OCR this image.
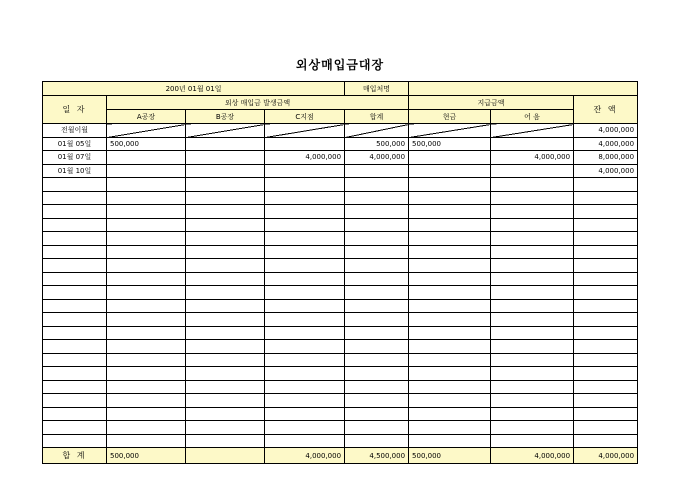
외상매입금대장
200년 01월 01일				매입처명			
일 자	외상 매입금 발생금액				지급금액		잔 액
	A공장	B공장	C지점	합계	현금	어 음	
전월이월							4,000,000
01월 05일	500,000			500,000	500,000		4,000,000
01월 07일			4,000,000	4,000,000		4,000,000	8,000,000
01월 10일							4,000,000

합 계	500,000		4,000,000	4,500,000	500,000	4,000,000	4,000,000
